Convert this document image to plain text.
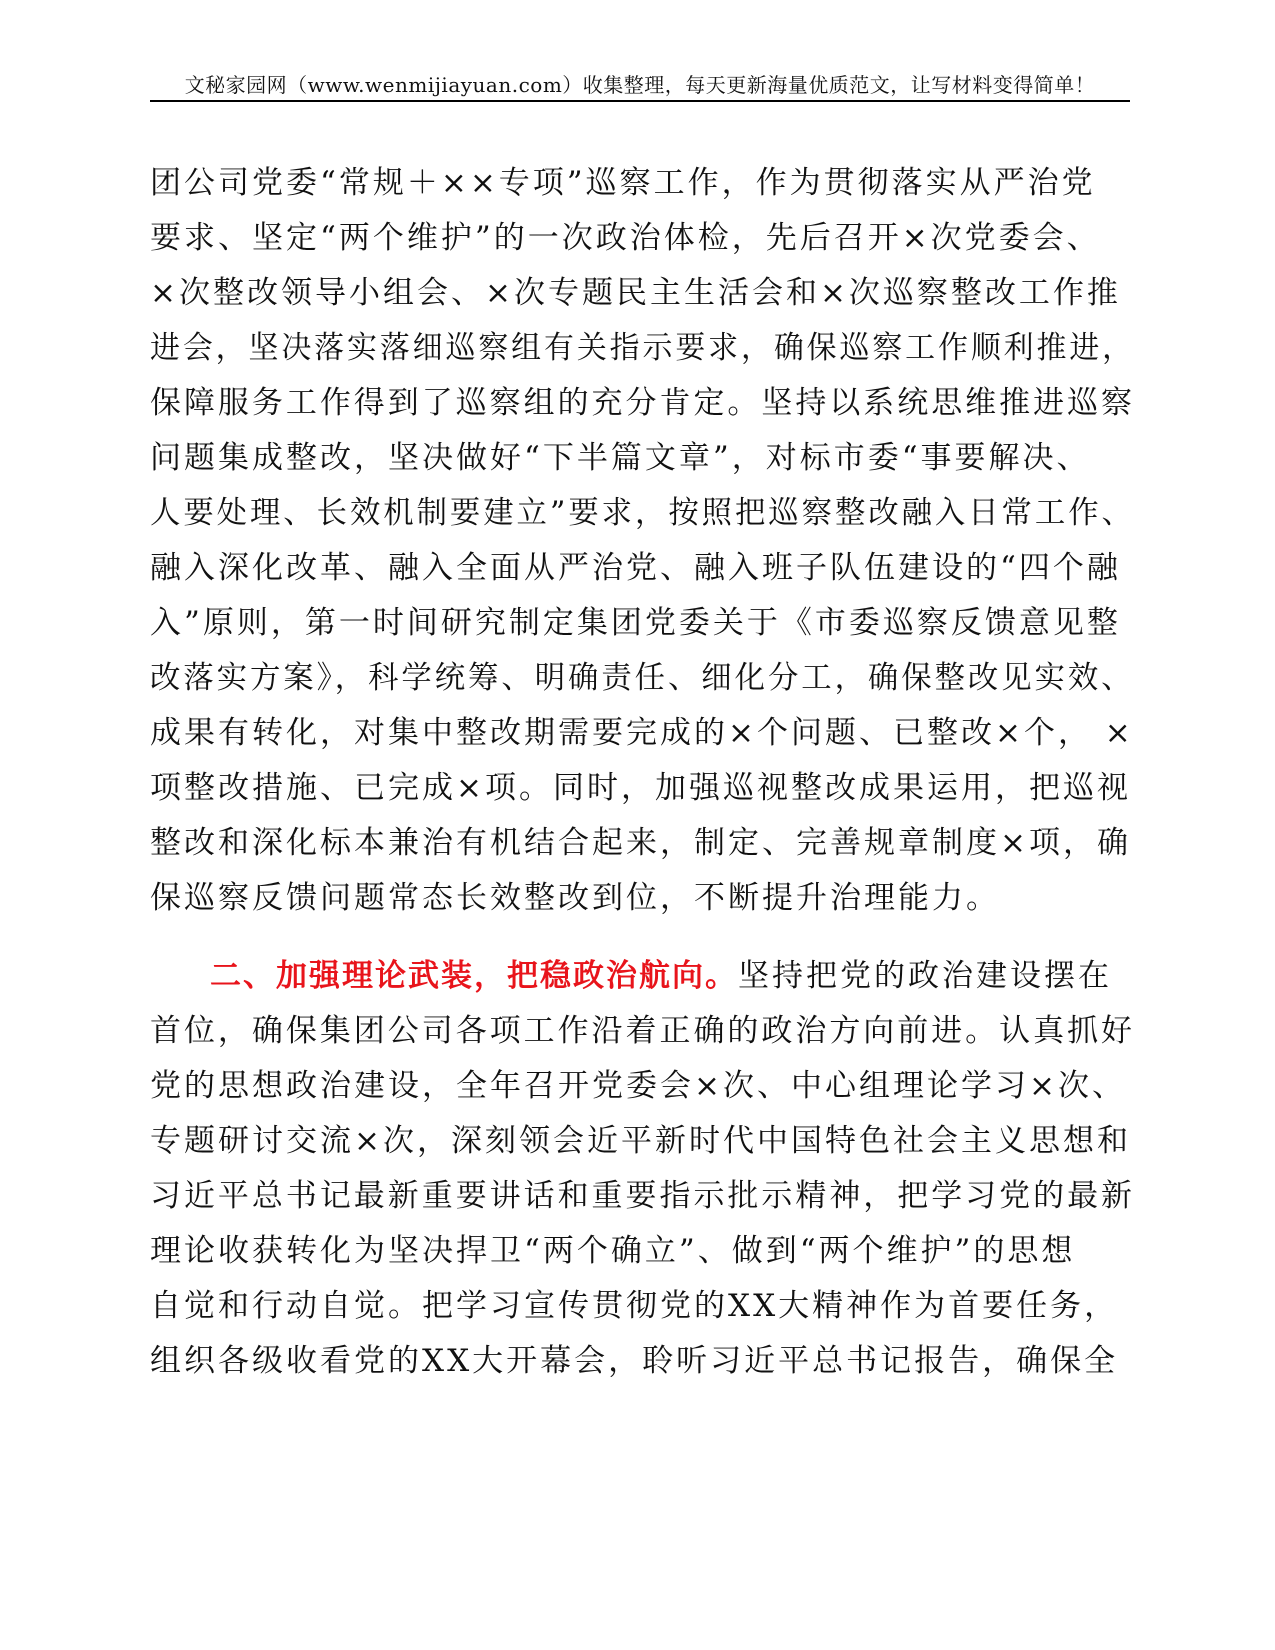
文秘家园网（www.wenmijiayuan.com）收集整理，每天更新海量优质范文，让写材料变得简单！
团公司党委“常规＋××专项”巡察工作，作为贯彻落实从严治党
要求、坚定“两个维护”的一次政治体检，先后召开×次党委会、
×次整改领导小组会、×次专题民主生活会和×次巡察整改工作推
进会，坚决落实落细巡察组有关指示要求，确保巡察工作顺利推进，
保障服务工作得到了巡察组的充分肯定。坚持以系统思维推进巡察
问题集成整改，坚决做好“下半篇文章”，对标市委“事要解决、
人要处理、长效机制要建立”要求，按照把巡察整改融入日常工作、
融入深化改革、融入全面从严治党、融入班子队伍建设的“四个融
入”原则，第一时间研究制定集团党委关于《市委巡察反馈意见整
改落实方案》，科学统筹、明确责任、细化分工，确保整改见实效、
成果有转化，对集中整改期需要完成的×个问题、已整改×个， ×
项整改措施、已完成×项。同时，加强巡视整改成果运用，把巡视
整改和深化标本兼治有机结合起来，制定、完善规章制度×项，确
保巡察反馈问题常态长效整改到位，不断提升治理能力。
二、加强理论武装，把稳政治航向。坚持把党的政治建设摆在
首位，确保集团公司各项工作沿着正确的政治方向前进。认真抓好
党的思想政治建设，全年召开党委会×次、中心组理论学习×次、
专题研讨交流×次，深刻领会近平新时代中国特色社会主义思想和
习近平总书记最新重要讲话和重要指示批示精神，把学习党的最新
理论收获转化为坚决捍卫“两个确立”、做到“两个维护”的思想
自觉和行动自觉。把学习宣传贯彻党的XX大精神作为首要任务，
组织各级收看党的XX大开幕会，聆听习近平总书记报告，确保全
